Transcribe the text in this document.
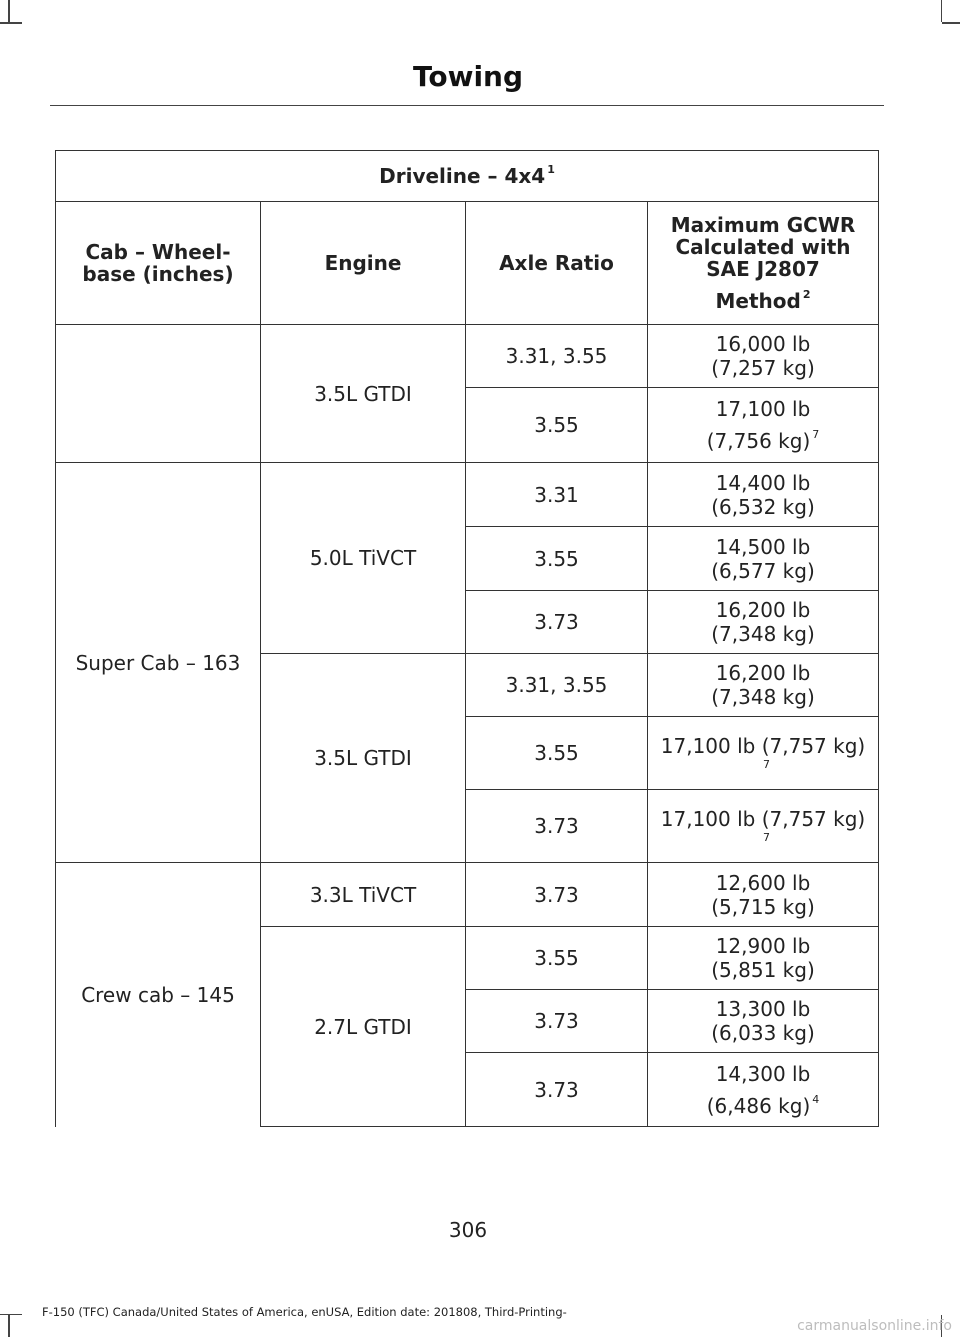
Towing
Driveline – 4x4 $^1$
Cab – Wheel-
base (inches)	Engine	Axle Ratio	Maximum GCWR
Calculated with
SAE J2807
Method $^2$
	3.5L GTDI	3.31, 3.55	16,000 lb
(7,257 kg)
		3.55	17,100 lb
(7,756 kg) $^7$
Super Cab – 163	5.0L TiVCT	3.31	14,400 lb
(6,532 kg)
		3.55	14,500 lb
(6,577 kg)
		3.73	16,200 lb
(7,348 kg)
	3.5L GTDI	3.31, 3.55	16,200 lb
(7,348 kg)
		3.55	17,100 lb (7,757 kg)
7

		3.73	17,100 lb (7,757 kg)
7

Crew cab – 145	3.3L TiVCT	3.73	12,600 lb
(5,715 kg)
	2.7L GTDI	3.55	12,900 lb
(5,851 kg)
		3.73	13,300 lb
(6,033 kg)
		3.73	14,300 lb
(6,486 kg) $^4$
306
F-150 (TFC) Canada/United States of America, enUSA, Edition date: 201808, Third-Printing-
carmanualsonline.info
